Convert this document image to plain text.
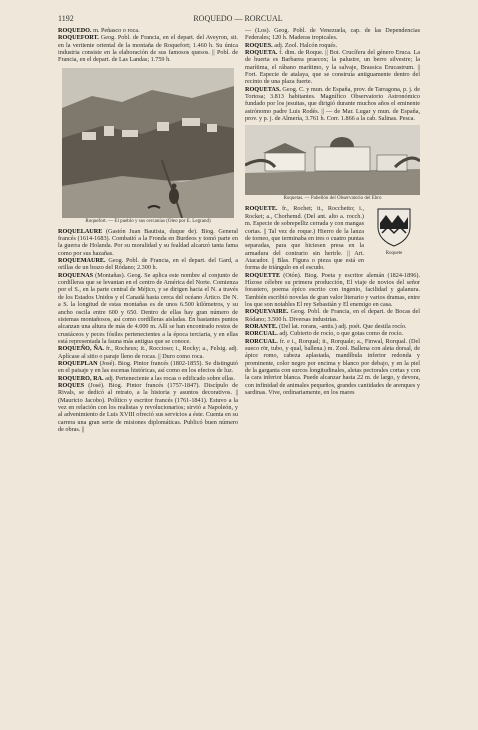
1192	ROQUEDO — RORCUAL

ROQUEDO. m. Peñasco o roca.

ROQUEFORT. Geog. Pobl. de Francia, en el depart. del Aveyron, sit. en la vertiente oriental de la montaña de Roquefort; 1.460 h. Su única industria consiste en la elaboración de sus famosos quesos. || Pobl. de Francia, en el depart. de Las Landas; 1.759 h.

Roquefort. — El pueblo y sus cercanías (Óleo por E. Legrand)

ROQUELAURE (Gastón Juan Bautista, duque de). Biog. General francés (1614-1683). Combatió a la Fronda en Burdeos y tomó parte en la guerra de Holanda. Por su moralidad y su fealdad alcanzó tanta fama como por sus hazañas.

ROQUEMAURE. Geog. Pobl. de Francia, en el depart. del Gard, a orillas de un brazo del Ródano; 2.300 h.

ROQUENAS (Montañas). Geog. Se aplica este nombre al conjunto de cordilleras que se levantan en el centro de América del Norte. Comienza por el S., en la parte central de Méjico, y se dirigen hacia el N. a través de los Estados Unidos y el Canadá hasta cerca del océano Ártico. De N. a S. la longitud de estas montañas es de unos 6.500 kilómetros, y su ancho oscila entre 600 y 650. Dentro de ellas hay gran número de sistemas montañosos, así como cordilleras aisladas. En bastantes puntos alcanzan una altura de más de 4.000 m. Allí se han encontrado restos de crustáceos y peces fósiles pertenecientes a la época terciaria, y en ellas está representada la fauna más antigua que se conoce.

ROQUEÑO, ÑA. fr., Rocheux; it., Roccioso; i., Rocky; a., Felsig. adj. Aplícase al sitio o paraje lleno de rocas. || Duro como roca.

ROQUEPLAN (José). Biog. Pintor francés (1802-1855). Se distinguió en el paisaje y en las escenas históricas, así como en los efectos de luz.

ROQUERO, RA. adj. Perteneciente a las rocas o edificado sobre ellas.

ROQUES (José). Biog. Pintor francés (1757-1847). Discípulo de Rivals, se dedicó al retrato, a la historia y asuntos decorativos. || (Mauricio Jacobo). Político y escritor francés (1761-1841). Estuvo a la vez en relación con los realistas y revolucionarios; sirvió a Napoleón, y al advenimiento de Luis XVIII ofreció sus servicios a éste. Cuenta en su carrera una gran serie de misiones diplomáticas. Publicó buen número de obras. ||

— (Los). Geog. Pobl. de Venezuela, cap. de las Dependencias Federales; 120 h. Maderas tropicales.

ROQUES. adj. Zool. Halcón roqués.

ROQUETA. f. dim. de Roque. || Bot. Crucífera del género Eruca. La de huerta es Barbarea praecox; la palustre, un berro silvestre; la marítima, el rábano marítimo, y la salvaje, Brassica Erucastrum. || Fort. Especie de atalaya, que se construía antiguamente dentro del recinto de una plaza fuerte.

ROQUETAS. Geog. C. y mun. de España, prov. de Tarragona, p. j. de Tortosa; 3.813 habitantes. Magnífico Observatorio Astronómico fundado por los jesuitas, que dirigió durante muchos años el eminente astrónomo padre Luis Rodés. || — de Mar. Lugar y mun. de España, prov. y p. j. de Almería, 3.761 h. Corr. 1.866 a la cab. Salinas. Pesca.

Roquetas. — Pabellón del Observatorio del Ebro
Roquete

ROQUETE. fr., Rochet; it., Rocchetto; i., Rocket; a., Chorhemd. (Del ant. alto a. rocch.) m. Especie de sobrepelliz cerrada y con mangas cortas. || Tal vez de roque.) Hierro de la lanza de torneo, que terminaba en tres o cuatro puntas separadas, para que hiciesen presa en la armadura del contrario sin herirle. || Art. Atacador. || Blas. Figura o pieza que está en forma de triángulo en el escudo.

ROQUETTE (Otón). Biog. Poeta y escritor alemán (1824-1896). Hízose célebre su primera producción, El viaje de novios del señor forastero, poema épico escrito con ingenio, facilidad y galanura. También escribió novelas de gran valor literario y varios dramas, entre los que son notables El rey Sebastián y El enemigo en casa.

ROQUEVAIRE. Geog. Pobl. de Francia, en el depart. de Bocas del Ródano; 3.500 h. Diversas industrias.

RORANTE. (Del lat. rorans, -antis.) adj. poét. Que destila rocío.

RORCUAL. adj. Cubierto de rocío, o que gotas como de rocío.

RORCUAL. fr. e i., Rorqual; it., Rorquale; a., Finwal, Rorqual. (Del sueco rör, tubo, y qual, ballena.) m. Zool. Ballena con aleta dorsal, de ápice romo, cabeza aplastada, mandíbula inferior redonda y prominente, color negro por encima y blanco por debajo, y en la piel de la garganta con surcos longitudinales, aletas pectorales cortas y con la cara inferior blanca. Puede alcanzar hasta 22 m. de largo, y devora, con infinidad de animales pequeños, grandes cantidades de arenques y sardinas. Vive, ordinariamente, en los mares
